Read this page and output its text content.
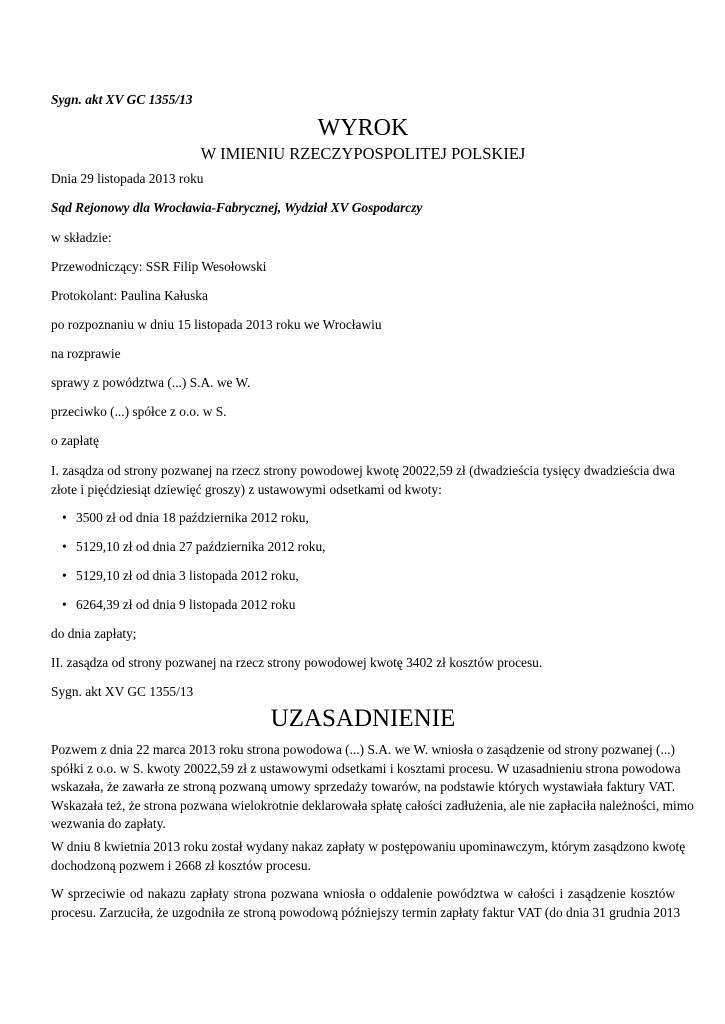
Sygn. akt XV GC 1355/13
WYROK
W IMIENIU RZECZYPOSPOLITEJ POLSKIEJ
Dnia 29 listopada 2013 roku
Sąd Rejonowy dla Wrocławia-Fabrycznej, Wydział XV Gospodarczy
w składzie:
Przewodniczący: SSR Filip Wesołowski
Protokolant: Paulina Kałuska
po rozpoznaniu w dniu 15 listopada 2013 roku we Wrocławiu
na rozprawie
sprawy z powództwa (...) S.A. we W.
przeciwko (...) spółce z o.o. w S.
o zapłatę
I. zasądza od strony pozwanej na rzecz strony powodowej kwotę 20022,59 zł (dwadzieścia tysięcy dwadzieścia dwa
złote i pięćdziesiąt dziewięć groszy) z ustawowymi odsetkami od kwoty:
• 3500 zł od dnia 18 października 2012 roku,
• 5129,10 zł od dnia 27 października 2012 roku,
• 5129,10 zł od dnia 3 listopada 2012 roku,
• 6264,39 zł od dnia 9 listopada 2012 roku
do dnia zapłaty;
II. zasądza od strony pozwanej na rzecz strony powodowej kwotę 3402 zł kosztów procesu.
Sygn. akt XV GC 1355/13
UZASADNIENIE
Pozwem z dnia 22 marca 2013 roku strona powodowa (...) S.A. we W. wniosła o zasądzenie od strony pozwanej (...)
spółki z o.o. w S. kwoty 20022,59 zł z ustawowymi odsetkami i kosztami procesu. W uzasadnieniu strona powodowa
wskazała, że zawarła ze stroną pozwaną umowy sprzedaży towarów, na podstawie których wystawiała faktury VAT.
Wskazała też, że strona pozwana wielokrotnie deklarowała spłatę całości zadłużenia, ale nie zapłaciła należności, mimo
wezwania do zapłaty.
W dniu 8 kwietnia 2013 roku został wydany nakaz zapłaty w postępowaniu upominawczym, którym zasądzono kwotę
dochodzoną pozwem i 2668 zł kosztów procesu.
W sprzeciwie od nakazu zapłaty strona pozwana wniosła o oddalenie powództwa w całości i zasądzenie kosztów
procesu. Zarzuciła, że uzgodniła ze stroną powodową późniejszy termin zapłaty faktur VAT (do dnia 31 grudnia 2013
